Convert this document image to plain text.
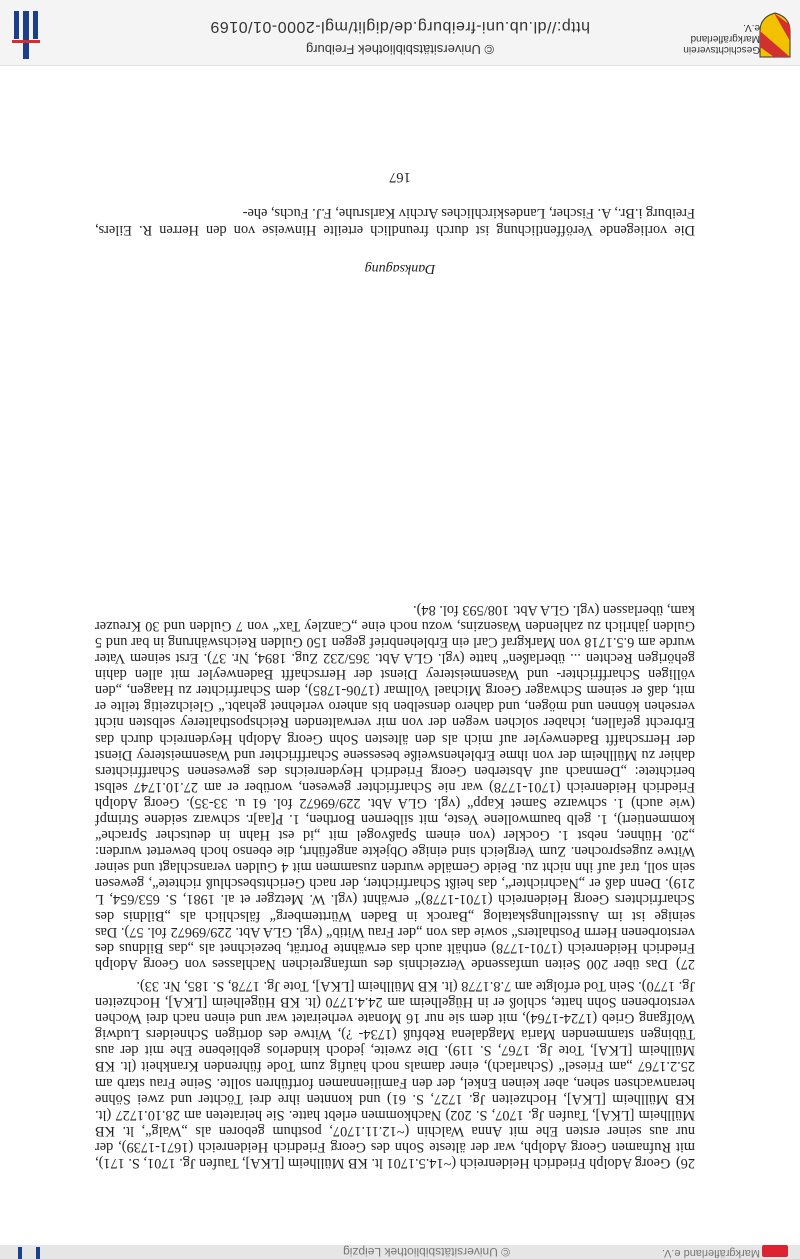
Markgräflerland e.V.
© Universitätsbibliothek Leipzig

26) Georg Adolph Friedrich Heidenreich (~14.5.1701 lt. KB Müllheim [LKA], Taufen Jg. 1701, S. 171), mit Rufnamen Georg Adolph, war der älteste Sohn des Georg Friedrich Heidenreich (1671-1739), der nur aus seiner ersten Ehe mit Anna Walchin (~12.11.1707, posthum geboren als „Walg“, lt. KB Müllheim [LKA], Taufen Jg. 1707, S. 202) Nachkommen erlebt hatte. Sie heirateten am 28.10.1727 (lt. KB Müllheim [LKA], Hochzeiten Jg. 1727, S. 61) und konnten ihre drei Töchter und zwei Söhne heranwachsen sehen, aber keinen Enkel, der den Familiennamen fortführen sollte. Seine Frau starb am 25.2.1767 „am Friesel“ (Scharlach), einer damals noch häufig zum Tode führenden Krankheit (lt. KB Müllheim [LKA], Tote Jg. 1767, S. 119). Die zweite, jedoch kinderlos gebliebene Ehe mit der aus Tübingen stammenden Maria Magdalena Rebfuß (1734- ?), Witwe des dortigen Schneiders Ludwig Wolfgang Grieb (1724-1764), mit dem sie nur 16 Monate verheiratet war und einen nach drei Wochen verstorbenen Sohn hatte, schloß er in Hügelheim am 24.4.1770 (lt. KB Hügelheim [LKA], Hochzeiten Jg. 1770). Sein Tod erfolgte am 7.8.1778 (lt. KB Müllheim [LKA], Tote Jg. 1778, S. 185, Nr. 33).

27) Das über 200 Seiten umfassende Verzeichnis des umfangreichen Nachlasses von Georg Adolph Friedrich Heidenreich (1701-1778) enthält auch das erwähnte Porträt, bezeichnet als „das Bildnus des verstorbenen Herrn Posthalters“ sowie das von „der Frau Witib“ (vgl. GLA Abt. 229/69672 fol. 57). Das seinige ist im Ausstellungskatalog „Barock in Baden Württemberg“ fälschlich als „Bildnis des Scharfrichters Georg Heidenreich (1701-1778)“ erwähnt (vgl. W. Metzger et al. 1981, S. 653/654, L 219). Denn daß er „Nachrichter“, das heißt Scharfrichter, der nach Gerichtsbeschluß richtete“, gewesen sein soll, traf auf ihn nicht zu. Beide Gemälde wurden zusammen mit 4 Gulden veranschlagt und seiner Witwe zugesprochen. Zum Vergleich sind einige Objekte angeführt, die ebenso hoch bewertet wurden: „20. Hühner, nebst 1. Gockler (von einem Spaßvogel mit „id est Hahn in deutscher Sprache“ kommentiert), 1. gelb baumwollene Veste, mit silbernen Borthen, 1. P[aa]r. schwarz seidene Strimpf (wie auch) 1. schwarze Samet Kapp“ (vgl. GLA Abt. 229/69672 fol. 61 u. 33-35). Georg Adolph Friedrich Heidenreich (1701-1778) war nie Scharfrichter gewesen, worüber er am 27.10.1747 selbst berichtete: „Demnach auf Absterben Georg Friedrich Heydenreichs des gewesenen Scharffrichters dahier zu Müllheim der von ihme Erblehensweiße besessene Scharffrichter und Wasenmeisterey Dienst der Herrschafft Badenweyler auf mich als den ältesten Sohn Georg Adolph Heydenreich durch das Erbrecht gefallen, ichaber solchen wegen der von mir verwaltenden Reichsposthalterey selbsten nicht versehen können und mögen, und dahero denselben bis anhero verlehnet gehabt.“ Gleichzeitig teilte er mit, daß er seinem Schwager Georg Michael Vollmar (1706-1785), dem Scharfrichter zu Haagen, „den völligen Scharffrichter- und Wasenmeisterey Dienst der Herrschafft Badenweyler mit allen dahin gehörigen Rechten ... überlaßen“ hatte (vgl. GLA Abt. 365/232 Zug. 1894, Nr. 37). Erst seinem Vater wurde am 6.5.1718 von Markgraf Carl ein Erblehenbrief gegen 150 Gulden Reichswährung in bar und 5 Gulden jährlich zu zahlenden Wasenzins, wozu noch eine „Canzley Tax“ von 7 Gulden und 30 Kreuzer kam, überlassen (vgl. GLA Abt. 108/593 fol. 84).

Danksagung
Die vorliegende Veröffentlichung ist durch freundlich erteilte Hinweise von den Herren R. Eilers, Freiburg i.Br., A. Fischer, Landeskirchliches Archiv Karlsruhe, F.J. Fuchs, ehe-
167
Geschichtsverein Markgräflerland e.V.
© Universitätsbibliothek Freiburg
http://dl.ub.uni-freiburg.de/diglit/mgl-2000-01/0169
